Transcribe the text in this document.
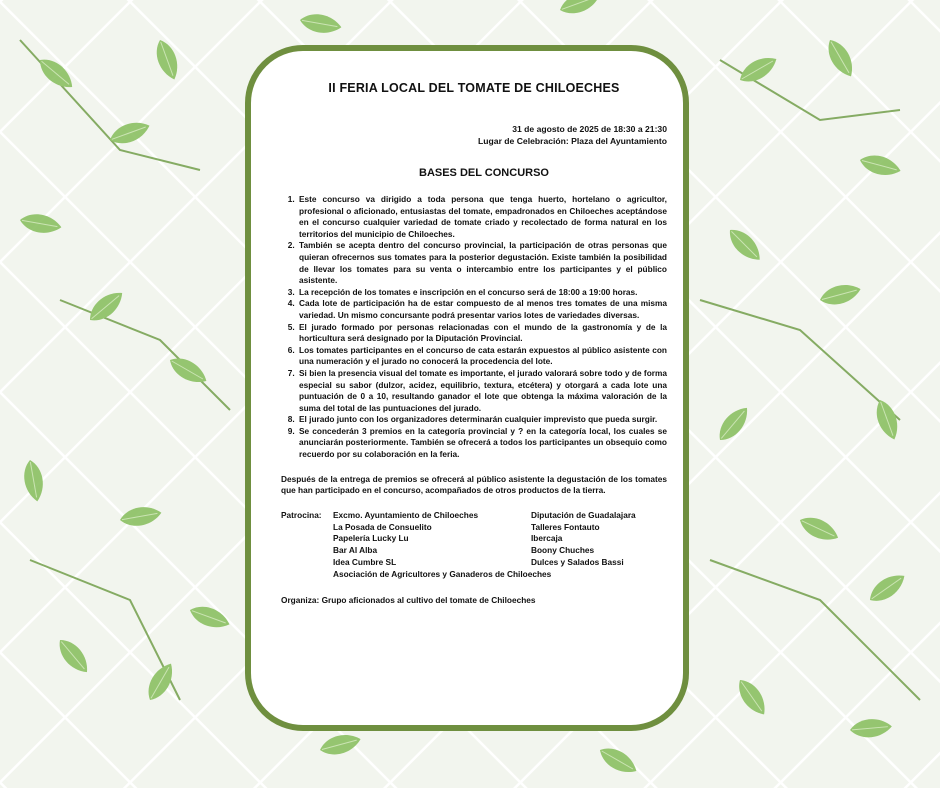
II FERIA LOCAL DEL TOMATE DE CHILOECHES
31 de agosto de 2025 de 18:30 a 21:30
Lugar de Celebración: Plaza del Ayuntamiento
BASES DEL CONCURSO
1. Este concurso va dirigido a toda persona que tenga huerto, hortelano o agricultor, profesional o aficionado, entusiastas del tomate, empadronados en Chiloeches aceptándose en el concurso cualquier variedad de tomate criado y recolectado de forma natural en los territorios del municipio de Chiloeches.
2. También se acepta dentro del concurso provincial, la participación de otras personas que quieran ofrecernos sus tomates para la posterior degustación. Existe también la posibilidad de llevar los tomates para su venta o intercambio entre los participantes y el público asistente.
3. La recepción de los tomates e inscripción en el concurso será de 18:00 a 19:00 horas.
4. Cada lote de participación ha de estar compuesto de al menos tres tomates de una misma variedad. Un mismo concursante podrá presentar varios lotes de variedades diversas.
5. El jurado formado por personas relacionadas con el mundo de la gastronomía y de la horticultura será designado por la Diputación Provincial.
6. Los tomates participantes en el concurso de cata estarán expuestos al público asistente con una numeración y el jurado no conocerá la procedencia del lote.
7. Si bien la presencia visual del tomate es importante, el jurado valorará sobre todo y de forma especial su sabor (dulzor, acidez, equilibrio, textura, etcétera) y otorgará a cada lote una puntuación de 0 a 10, resultando ganador el lote que obtenga la máxima valoración de la suma del total de las puntuaciones del jurado.
8. El jurado junto con los organizadores determinarán cualquier imprevisto que pueda surgir.
9. Se concederán 3 premios en la categoría provincial y ? en la categoría local, los cuales se anunciarán posteriormente. También se ofrecerá a todos los participantes un obsequio como recuerdo por su colaboración en la feria.

Después de la entrega de premios se ofrecerá al público asistente la degustación de los tomates que han participado en el concurso, acompañados de otros productos de la tierra.

Patrocina:	Excmo. Ayuntamiento de Chiloeches	Diputación de Guadalajara
La Posada de Consuelito	Talleres Fontauto
Papelería Lucky Lu	Ibercaja
Bar Al Alba	Boony Chuches
Idea Cumbre SL	Dulces y Salados Bassi
Asociación de Agricultores y Ganaderos de Chiloeches
Organiza: Grupo aficionados al cultivo del tomate de Chiloeches
